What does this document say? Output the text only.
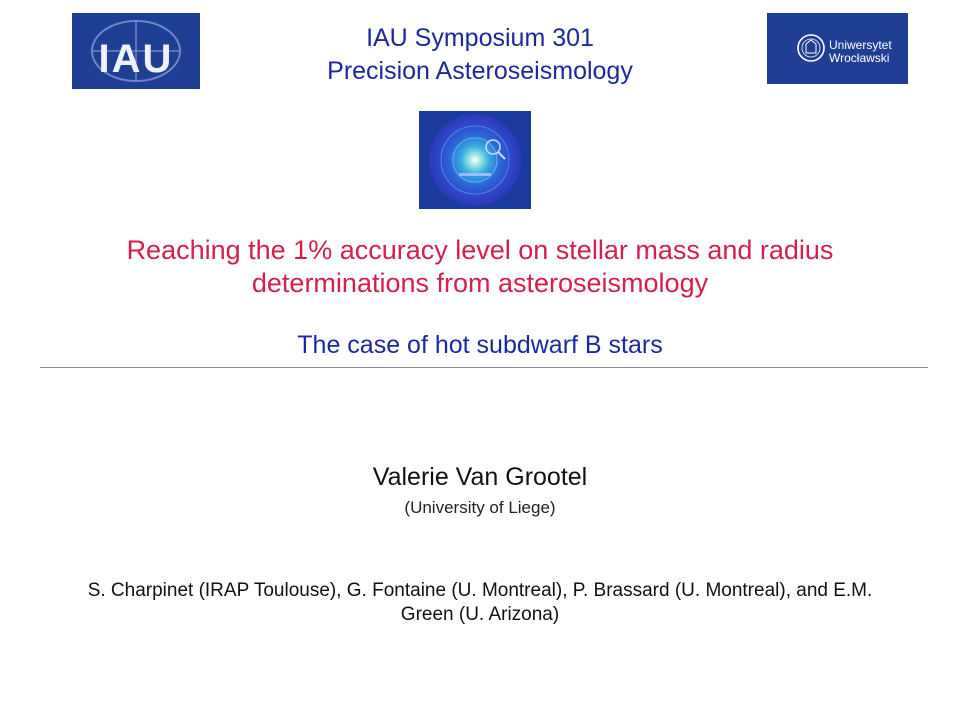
IAU	IAU Symposium 301
Precision Asteroseismology
Uniwersytet
Wrocławski
Reaching the 1% accuracy level on stellar mass and radius determinations from asteroseismology
The case of hot subdwarf B stars
Valerie Van Grootel
(University of Liege)
S. Charpinet (IRAP Toulouse), G. Fontaine (U. Montreal), P. Brassard (U. Montreal), and E.M. Green (U. Arizona)
